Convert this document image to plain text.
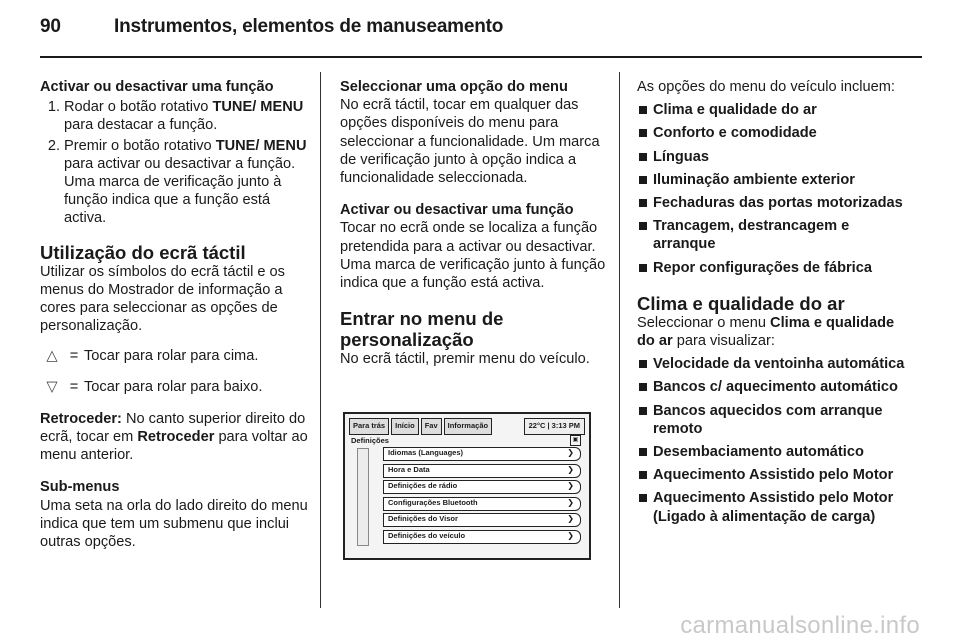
90	Instrumentos, elementos de manuseamento

Activar ou desactivar uma função

1. Rodar o botão rotativo TUNE/ MENU para destacar a função.
2. Premir o botão rotativo TUNE/ MENU para activar ou desactivar a função. Uma marca de verificação junto à função indica que a função está activa.

Utilização do ecrã táctil

Utilizar os símbolos do ecrã táctil e os menus do Mostrador de informação a cores para seleccionar as opções de personalização.

△ = Tocar para rolar para cima.
▽ = Tocar para rolar para baixo.

Retroceder: No canto superior direito do ecrã, tocar em Retroceder para voltar ao menu anterior.

Sub-menus

Uma seta na orla do lado direito do menu indica que tem um submenu que inclui outras opções.

Seleccionar uma opção do menu

No ecrã táctil, tocar em qualquer das opções disponíveis do menu para seleccionar a funcionalidade. Um marca de verificação junto à opção indica a funcionalidade seleccionada.

Activar ou desactivar uma função

Tocar no ecrã onde se localiza a função pretendida para a activar ou desactivar. Uma marca de verificação junto à função indica que a função está activa.

Entrar no menu de personalização

No ecrã táctil, premir menu do veículo.

Para trás	Início	Fav	Informação	22°C | 3:13 PM
Definições	▣
Idiomas (Languages)	❯
Hora e Data	❯
Definições de rádio	❯
Configurações Bluetooth	❯
Definições do Visor	❯
Definições do veículo	❯

As opções do menu do veículo incluem:

Clima e qualidade do ar
Conforto e comodidade
Línguas
Iluminação ambiente exterior
Fechaduras das portas motorizadas
Trancagem, destrancagem e arranque
Repor configurações de fábrica

Clima e qualidade do ar

Seleccionar o menu Clima e qualidade do ar para visualizar:

Velocidade da ventoinha automática
Bancos c/ aquecimento automático
Bancos aquecidos com arranque remoto
Desembaciamento automático
Aquecimento Assistido pelo Motor
Aquecimento Assistido pelo Motor (Ligado à alimentação de carga)
carmanualsonline.info
